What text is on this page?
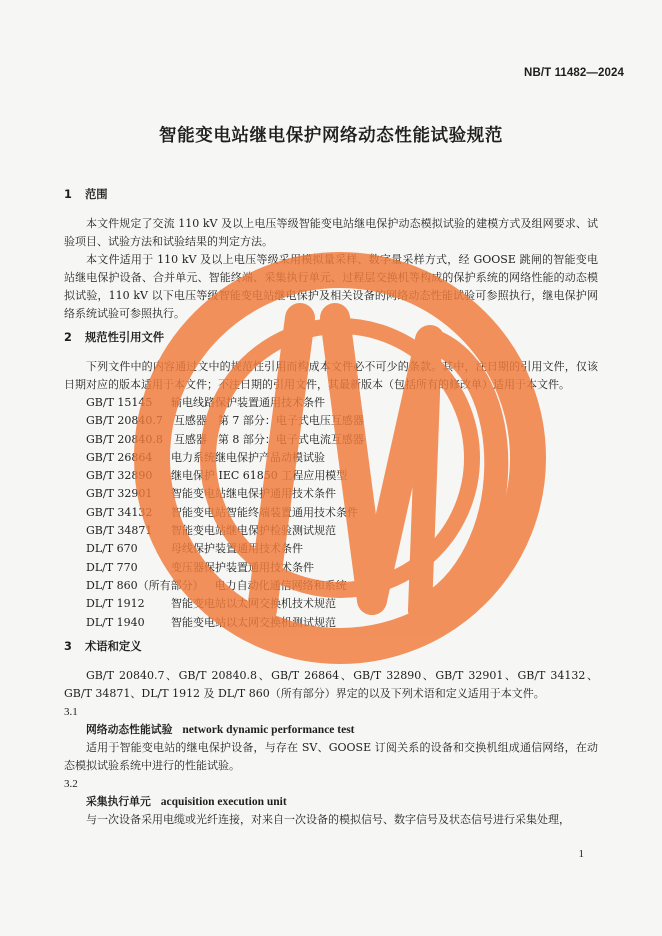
NB/T 11482—2024
智能变电站继电保护网络动态性能试验规范
1 范围

本文件规定了交流 110 kV 及以上电压等级智能变电站继电保护动态模拟试验的建模方式及组网要求、试验项目、试验方法和试验结果的判定方法。

本文件适用于 110 kV 及以上电压等级采用模拟量采样、数字量采样方式，经 GOOSE 跳闸的智能变电站继电保护设备、合并单元、智能终端、采集执行单元、过程层交换机等构成的保护系统的网络性能的动态模拟试验，110 kV 以下电压等级智能变电站继电保护及相关设备的网络动态性能试验可参照执行，继电保护网络系统试验可参照执行。

2 规范性引用文件

下列文件中的内容通过文中的规范性引用而构成本文件必不可少的条款。其中，注日期的引用文件，仅该日期对应的版本适用于本文件；不注日期的引用文件，其最新版本（包括所有的修改单）适用于本文件。

GB/T 15145　 输电线路保护装置通用技术条件
GB/T 20840.7　 互感器　第 7 部分：电子式电压互感器
GB/T 20840.8　 互感器　第 8 部分：电子式电流互感器
GB/T 26864　 电力系统继电保护产品动模试验
GB/T 32890　 继电保护 IEC 61850 工程应用模型
GB/T 32901　 智能变电站继电保护通用技术条件
GB/T 34132　 智能变电站智能终端装置通用技术条件
GB/T 34871　 智能变电站继电保护检验测试规范
DL/T 670　	母线保护装置通用技术条件
DL/T 770　	变压器保护装置通用技术条件
DL/T 860（所有部分）　 电力自动化通信网络和系统
DL/T 1912　 智能变电站以太网交换机技术规范
DL/T 1940　 智能变电站以太网交换机测试规范
3 术语和定义

GB/T 20840.7、GB/T 20840.8、GB/T 26864、GB/T 32890、GB/T 32901、GB/T 34132、GB/T 34871、DL/T 1912 及 DL/T 860（所有部分）界定的以及下列术语和定义适用于本文件。

3.1
网络动态性能试验 network dynamic performance test

适用于智能变电站的继电保护设备，与存在 SV、GOOSE 订阅关系的设备和交换机组成通信网络，在动态模拟试验系统中进行的性能试验。

3.2
采集执行单元 acquisition execution unit

与一次设备采用电缆或光纤连接，对来自一次设备的模拟信号、数字信号及状态信号进行采集处理，

1
